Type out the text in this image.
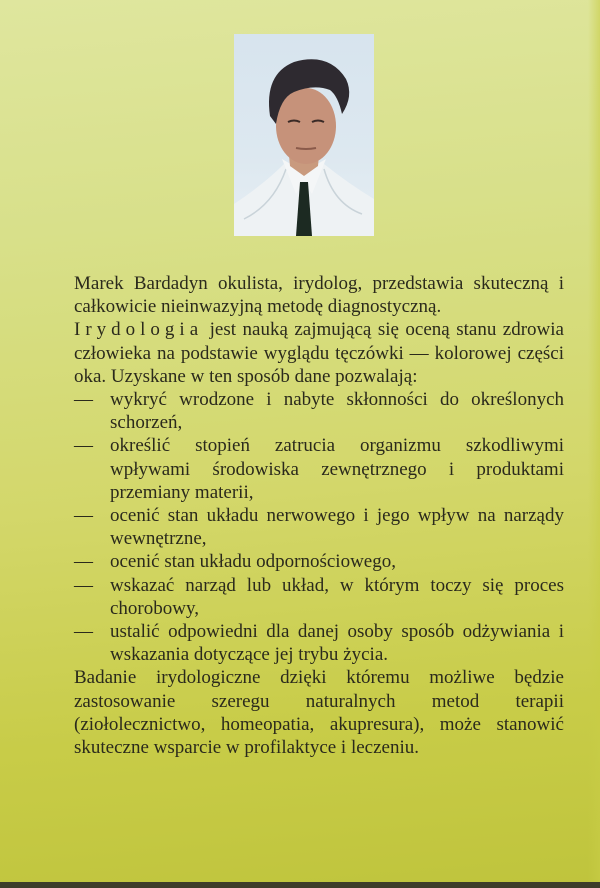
Marek Bardadyn okulista, irydolog, przedstawia skuteczną i całkowicie nieinwazyjną metodę diagnostyczną.

Irydologia jest nauką zajmującą się oceną stanu zdrowia człowieka na podstawie wyglądu tęczówki — kolorowej części oka. Uzyskane w ten sposób dane pozwalają:

— wykryć wrodzone i nabyte skłonności do określonych schorzeń,
— określić stopień zatrucia organizmu szkodliwymi wpływami środowiska zewnętrznego i produktami przemiany materii,
— ocenić stan układu nerwowego i jego wpływ na narządy wewnętrzne,
— ocenić stan układu odpornościowego,
— wskazać narząd lub układ, w którym toczy się proces chorobowy,
— ustalić odpowiedni dla danej osoby sposób odżywiania i wskazania dotyczące jej trybu życia.

Badanie irydologiczne dzięki któremu możliwe będzie zastosowanie szeregu naturalnych metod terapii (ziołolecznictwo, homeopatia, akupresura), może stanowić skuteczne wsparcie w profilaktyce i leczeniu.
